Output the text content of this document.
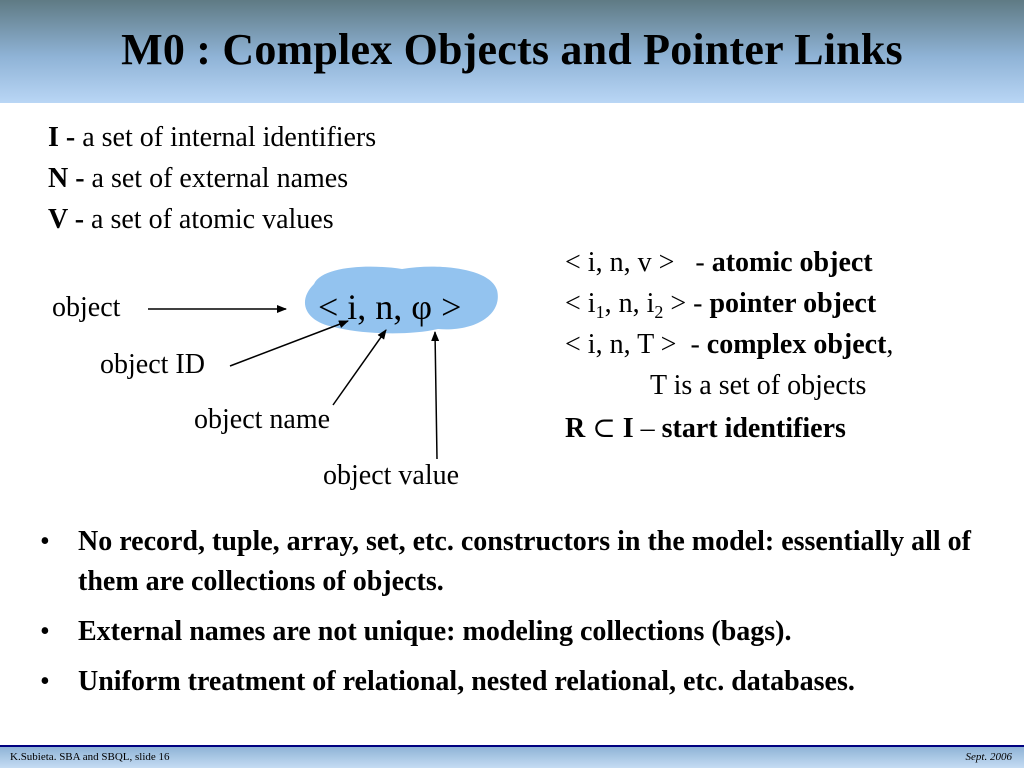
M0 : Complex Objects and Pointer Links
I - a set of internal identifiers
N - a set of external names
V - a set of atomic values
< i, n, φ >
object
object ID
object name
object value
< i, n, v >   - atomic object
< $i_1$, n, $i_2$ > - pointer object
< i, n, T >  - complex object,
T is a set of objects
R ⊂ I – start identifiers
• No record, tuple, array, set, etc. constructors in the model: essentially all of them are collections of objects.
• External names are not unique: modeling collections (bags).
• Uniform treatment of relational, nested relational, etc. databases.
K.Subieta. SBA and SBQL, slide 16	Sept. 2006
